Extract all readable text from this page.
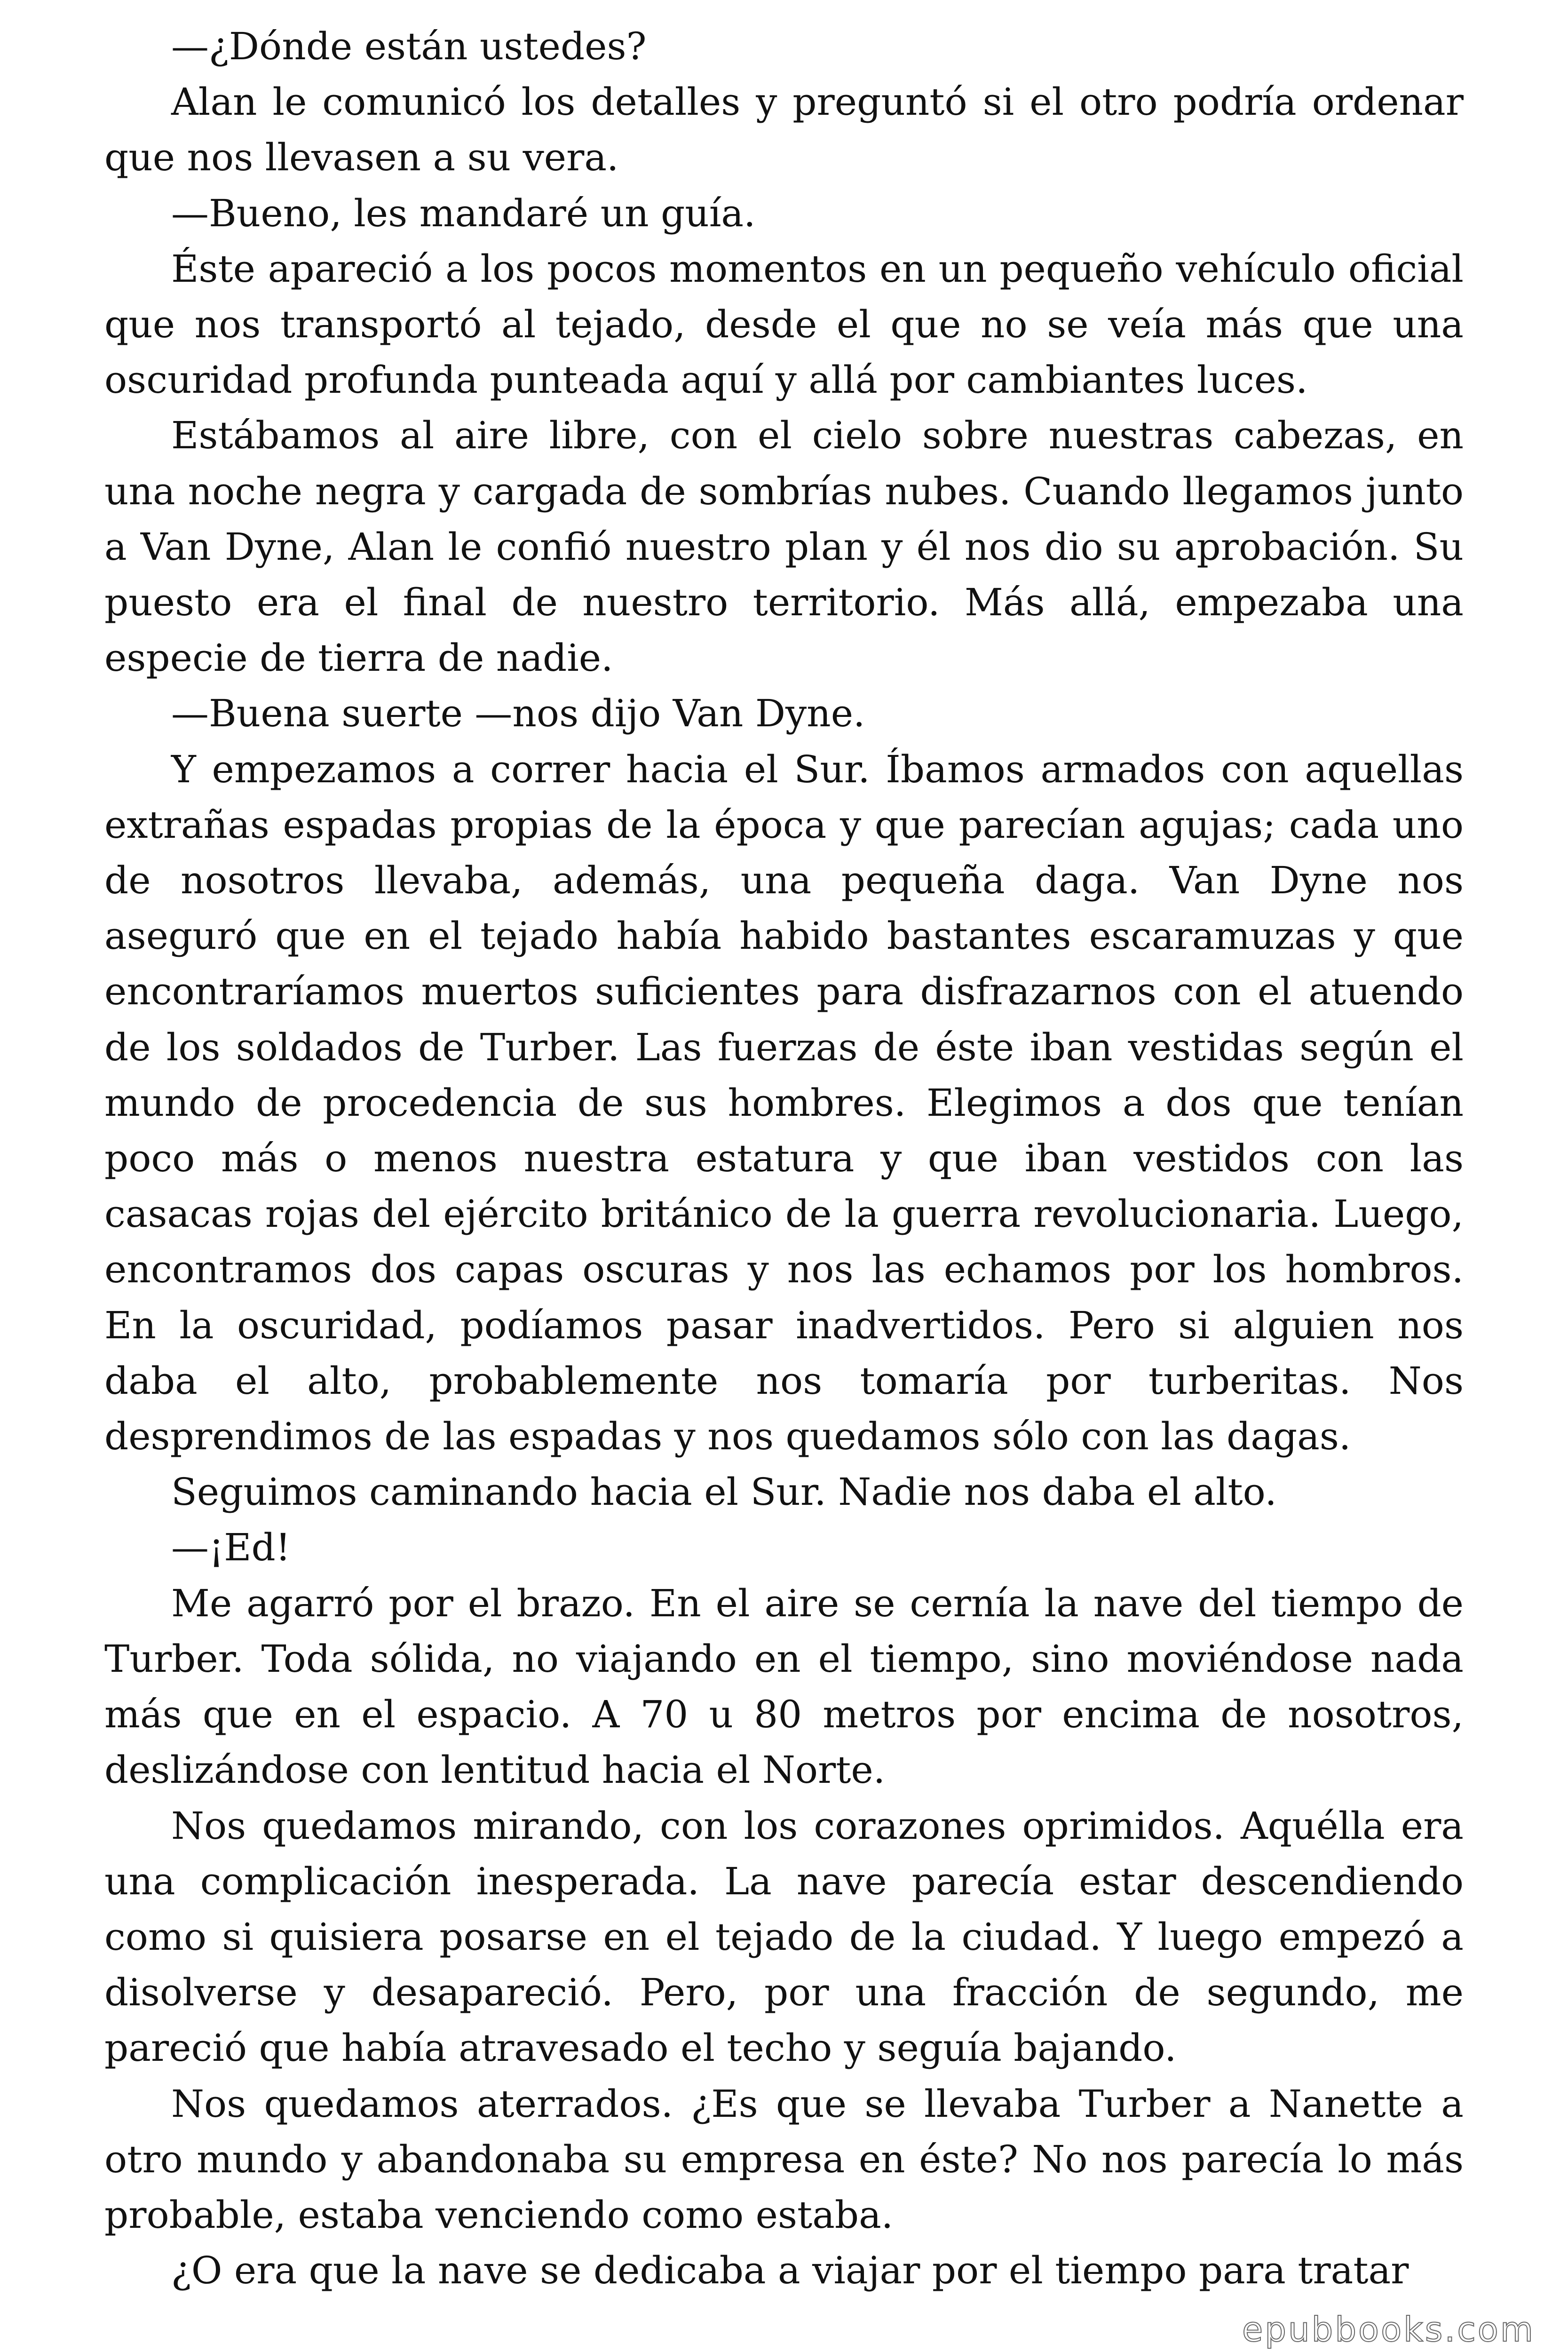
—¿Dónde están ustedes?

Alan le comunicó los detalles y preguntó si el otro podría ordenar que nos llevasen a su vera.

—Bueno, les mandaré un guía.

Éste apareció a los pocos momentos en un pequeño vehículo oficial que nos transportó al tejado, desde el que no se veía más que una oscuridad profunda punteada aquí y allá por cambiantes luces.

Estábamos al aire libre, con el cielo sobre nuestras cabezas, en una noche negra y cargada de sombrías nubes. Cuando llegamos junto a Van Dyne, Alan le confió nuestro plan y él nos dio su aprobación. Su puesto era el final de nuestro territorio. Más allá, empezaba una especie de tierra de nadie.

—Buena suerte —nos dijo Van Dyne.

Y empezamos a correr hacia el Sur. Íbamos armados con aquellas extrañas espadas propias de la época y que parecían agujas; cada uno de nosotros llevaba, además, una pequeña daga. Van Dyne nos aseguró que en el tejado había habido bastantes escaramuzas y que encontraríamos muertos suficientes para disfrazarnos con el atuendo de los soldados de Turber. Las fuerzas de éste iban vestidas según el mundo de procedencia de sus hombres. Elegimos a dos que tenían poco más o menos nuestra estatura y que iban vestidos con las casacas rojas del ejército británico de la guerra revolucionaria. Luego, encontramos dos capas oscuras y nos las echamos por los hombros. En la oscuridad, podíamos pasar inadvertidos. Pero si alguien nos daba el alto, probablemente nos tomaría por turberitas. Nos desprendimos de las espadas y nos quedamos sólo con las dagas.

Seguimos caminando hacia el Sur. Nadie nos daba el alto.

—¡Ed!

Me agarró por el brazo. En el aire se cernía la nave del tiempo de Turber. Toda sólida, no viajando en el tiempo, sino moviéndose nada más que en el espacio. A 70 u 80 metros por encima de nosotros, deslizándose con lentitud hacia el Norte.

Nos quedamos mirando, con los corazones oprimidos. Aquélla era una complicación inesperada. La nave parecía estar descendiendo como si quisiera posarse en el tejado de la ciudad. Y luego empezó a disolverse y desapareció. Pero, por una fracción de segundo, me pareció que había atravesado el techo y seguía bajando.

Nos quedamos aterrados. ¿Es que se llevaba Turber a Nanette a otro mundo y abandonaba su empresa en éste? No nos parecía lo más probable, estaba venciendo como estaba.

¿O era que la nave se dedicaba a viajar por el tiempo para tratar

epubbooks.com
